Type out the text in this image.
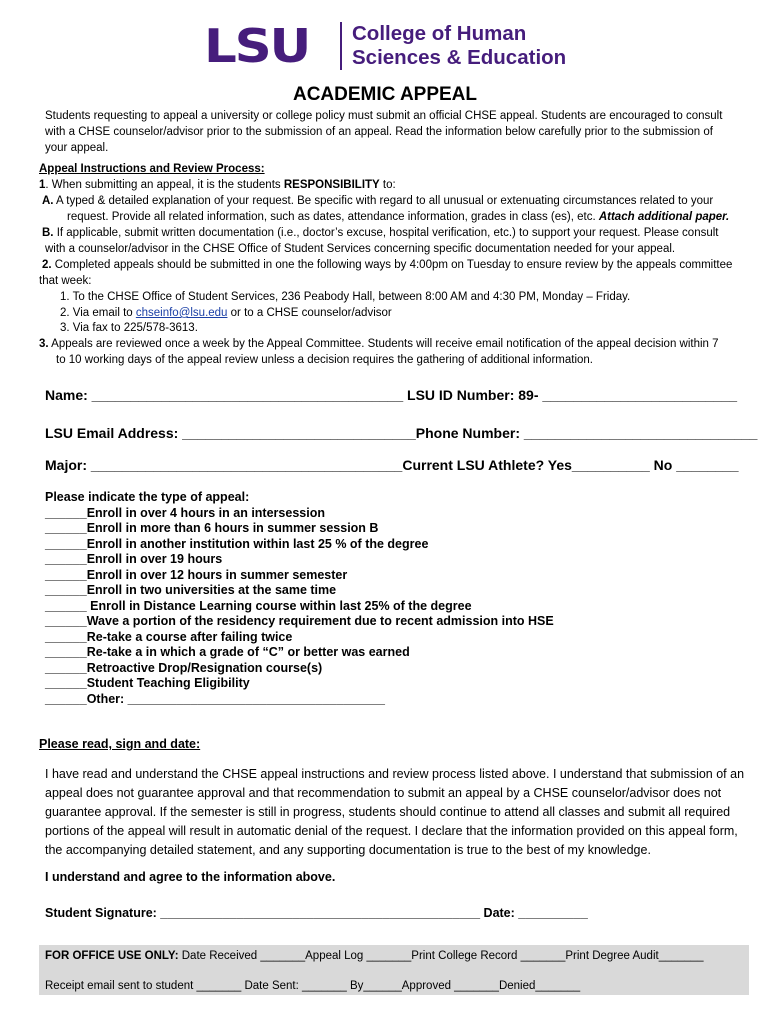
LSU College of Human
Sciences & Education
ACADEMIC APPEAL
Students requesting to appeal a university or college policy must submit an official CHSE appeal. Students are encouraged to consult with a CHSE counselor/advisor prior to the submission of an appeal. Read the information below carefully prior to the submission of your appeal.
Appeal Instructions and Review Process:
1. When submitting an appeal, it is the students RESPONSIBILITY to:
A. A typed & detailed explanation of your request. Be specific with regard to all unusual or extenuating circumstances related to your
request. Provide all related information, such as dates, attendance information, grades in class (es), etc. Attach additional paper.
B. If applicable, submit written documentation (i.e., doctor’s excuse, hospital verification, etc.) to support your request. Please consult
with a counselor/advisor in the CHSE Office of Student Services concerning specific documentation needed for your appeal.
2. Completed appeals should be submitted in one the following ways by 4:00pm on Tuesday to ensure review by the appeals committee
that week:
1. To the CHSE Office of Student Services, 236 Peabody Hall, between 8:00 AM and 4:30 PM, Monday – Friday.
2. Via email to chseinfo@lsu.edu or to a CHSE counselor/advisor
3. Via fax to 225/578-3613.
3. Appeals are reviewed once a week by the Appeal Committee. Students will receive email notification of the appeal decision within 7
to 10 working days of the appeal review unless a decision requires the gathering of additional information.
Name: ________________________________________ LSU ID Number: 89- _________________________
LSU Email Address: ______________________________Phone Number: ______________________________
Major: ________________________________________Current LSU Athlete? Yes__________ No ________
Please indicate the type of appeal:
______Enroll in over 4 hours in an intersession
______Enroll in more than 6 hours in summer session B
______Enroll in another institution within last 25 % of the degree
______Enroll in over 19 hours
______Enroll in over 12 hours in summer semester
______Enroll in two universities at the same time
______ Enroll in Distance Learning course within last 25% of the degree
______Wave a portion of the residency requirement due to recent admission into HSE
______Re-take a course after failing twice
______Re-take a in which a grade of “C” or better was earned
______Retroactive Drop/Resignation course(s)
______Student Teaching Eligibility
______Other: _____________________________________
Please read, sign and date:
I have read and understand the CHSE appeal instructions and review process listed above. I understand that submission of an appeal does not guarantee approval and that recommendation to submit an appeal by a CHSE counselor/advisor does not guarantee approval. If the semester is still in progress, students should continue to attend all classes and submit all required portions of the appeal will result in automatic denial of the request. I declare that the information provided on this appeal form, the accompanying detailed statement, and any supporting documentation is true to the best of my knowledge.
I understand and agree to the information above.
Student Signature: ______________________________________________ Date: __________
FOR OFFICE USE ONLY: Date Received _______Appeal Log _______Print College Record _______Print Degree Audit_______
Receipt email sent to student _______ Date Sent: _______ By______Approved _______Denied_______
